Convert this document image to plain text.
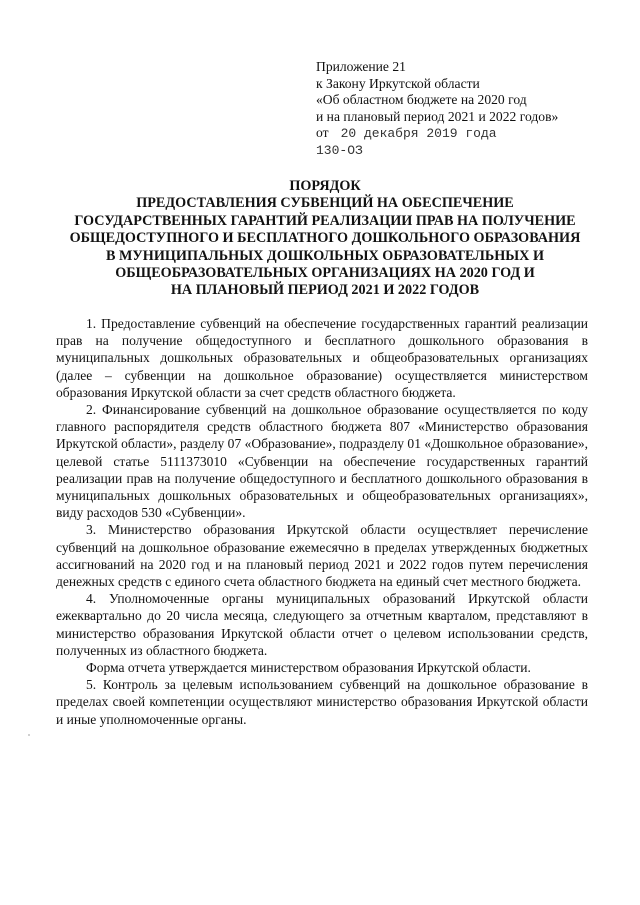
Приложение 21
к Закону Иркутской области
«Об областном бюджете на 2020 год
и на плановый период 2021 и 2022 годов»
от 20 декабря 2019 года
130-ОЗ
ПОРЯДОК
ПРЕДОСТАВЛЕНИЯ СУБВЕНЦИЙ НА ОБЕСПЕЧЕНИЕ
ГОСУДАРСТВЕННЫХ ГАРАНТИЙ РЕАЛИЗАЦИИ ПРАВ НА ПОЛУЧЕНИЕ
ОБЩЕДОСТУПНОГО И БЕСПЛАТНОГО ДОШКОЛЬНОГО ОБРАЗОВАНИЯ
В МУНИЦИПАЛЬНЫХ ДОШКОЛЬНЫХ ОБРАЗОВАТЕЛЬНЫХ И
ОБЩЕОБРАЗОВАТЕЛЬНЫХ ОРГАНИЗАЦИЯХ НА 2020 ГОД И
НА ПЛАНОВЫЙ ПЕРИОД 2021 И 2022 ГОДОВ

1. Предоставление субвенций на обеспечение государственных гарантий реализации прав на получение общедоступного и бесплатного дошкольного образования в муниципальных дошкольных образовательных и общеобразовательных организациях (далее – субвенции на дошкольное образование) осуществляется министерством образования Иркутской области за счет средств областного бюджета.

2. Финансирование субвенций на дошкольное образование осуществляется по коду главного распорядителя средств областного бюджета 807 «Министерство образования Иркутской области», разделу 07 «Образование», подразделу 01 «Дошкольное образование», целевой статье 5111373010 «Субвенции на обеспечение государственных гарантий реализации прав на получение общедоступного и бесплатного дошкольного образования в муниципальных дошкольных образовательных и общеобразовательных организациях», виду расходов 530 «Субвенции».

3. Министерство образования Иркутской области осуществляет перечисление субвенций на дошкольное образование ежемесячно в пределах утвержденных бюджетных ассигнований на 2020 год и на плановый период 2021 и 2022 годов путем перечисления денежных средств с единого счета областного бюджета на единый счет местного бюджета.

4. Уполномоченные органы муниципальных образований Иркутской области ежеквартально до 20 числа месяца, следующего за отчетным кварталом, представляют в министерство образования Иркутской области отчет о целевом использовании средств, полученных из областного бюджета.

Форма отчета утверждается министерством образования Иркутской области.

5. Контроль за целевым использованием субвенций на дошкольное образование в пределах своей компетенции осуществляют министерство образования Иркутской области и иные уполномоченные органы.
